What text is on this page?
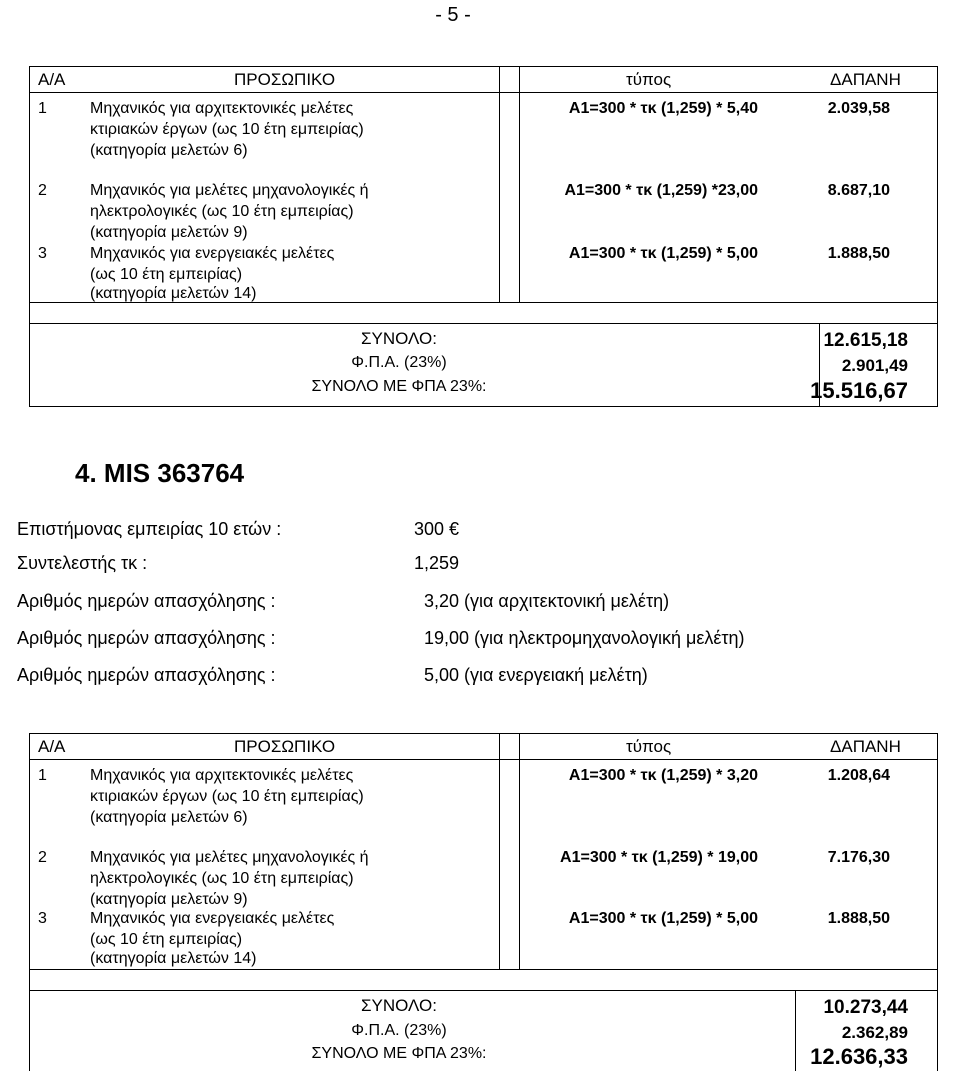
- 5 -
Α/Α	ΠΡΟΣΩΠΙΚΟ	τύπος	ΔΑΠΑΝΗ
1	Μηχανικός για αρχιτεκτονικές μελέτες
κτιριακών έργων (ως 10 έτη εμπειρίας)
(κατηγορία μελετών 6)
Α1=300 * τκ (1,259) * 5,40	2.039,58
2	Μηχανικός για μελέτες μηχανολογικές ή
ηλεκτρολογικές (ως 10 έτη εμπειρίας)
(κατηγορία μελετών 9)
Α1=300 * τκ (1,259) *23,00	8.687,10
3	Μηχανικός για ενεργειακές μελέτες
(ως 10 έτη εμπειρίας)
(κατηγορία μελετών 14)
Α1=300 * τκ (1,259) * 5,00	1.888,50
ΣΥΝΟΛΟ:	12.615,18
Φ.Π.Α. (23%)	2.901,49
ΣΥΝΟΛΟ ΜΕ ΦΠΑ 23%:	15.516,67
4. MIS 363764
Επιστήμονας εμπειρίας 10 ετών :	300 €
Συντελεστής τκ :	1,259
Αριθμός ημερών απασχόλησης :	3,20 (για αρχιτεκτονική μελέτη)
Αριθμός ημερών απασχόλησης :	19,00 (για ηλεκτρομηχανολογική μελέτη)
Αριθμός ημερών απασχόλησης :	5,00 (για ενεργειακή μελέτη)
Α/Α	ΠΡΟΣΩΠΙΚΟ	τύπος	ΔΑΠΑΝΗ
1	Μηχανικός για αρχιτεκτονικές μελέτες
κτιριακών έργων (ως 10 έτη εμπειρίας)
(κατηγορία μελετών 6)
Α1=300 * τκ (1,259) * 3,20	1.208,64
2	Μηχανικός για μελέτες μηχανολογικές ή
ηλεκτρολογικές (ως 10 έτη εμπειρίας)
(κατηγορία μελετών 9)
Α1=300 * τκ (1,259) * 19,00	7.176,30
3	Μηχανικός για ενεργειακές μελέτες
(ως 10 έτη εμπειρίας)
(κατηγορία μελετών 14)
Α1=300 * τκ (1,259) * 5,00	1.888,50
ΣΥΝΟΛΟ:	10.273,44
Φ.Π.Α. (23%)	2.362,89
ΣΥΝΟΛΟ ΜΕ ΦΠΑ 23%:	12.636,33
